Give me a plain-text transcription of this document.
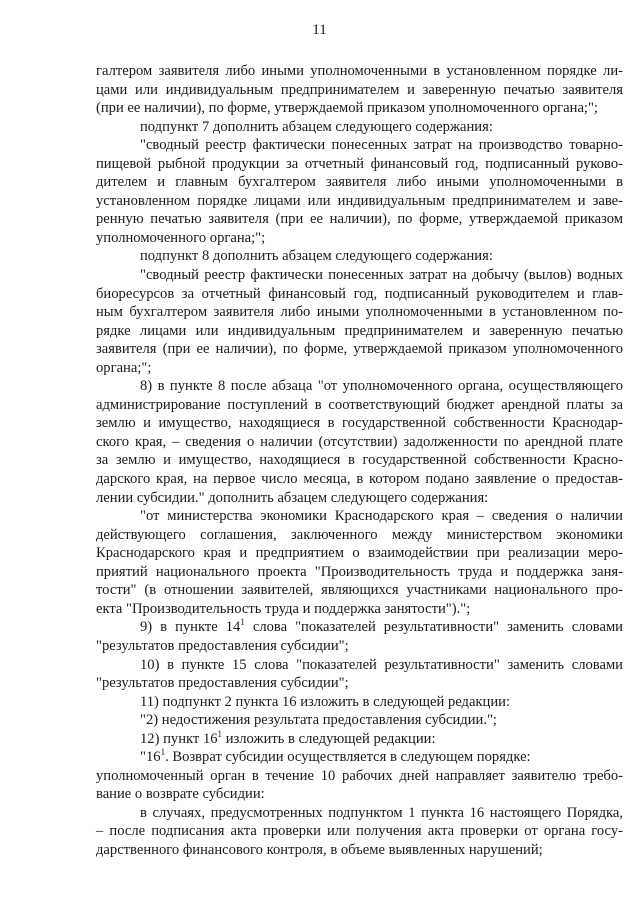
11
галтером заявителя либо иными уполномоченными в установленном порядке ли-
цами или индивидуальным предпринимателем и заверенную печатью заявителя
(при ее наличии), по форме, утверждаемой приказом уполномоченного органа;";
подпункт 7 дополнить абзацем следующего содержания:
"сводный реестр фактически понесенных затрат на производство товарно-
пищевой рыбной продукции за отчетный финансовый год, подписанный руково-
дителем и главным бухгалтером заявителя либо иными уполномоченными в
установленном порядке лицами или индивидуальным предпринимателем и заве-
ренную печатью заявителя (при ее наличии), по форме, утверждаемой приказом
уполномоченного органа;";
подпункт 8 дополнить абзацем следующего содержания:
"сводный реестр фактически понесенных затрат на добычу (вылов) водных
биоресурсов за отчетный финансовый год, подписанный руководителем и глав-
ным бухгалтером заявителя либо иными уполномоченными в установленном по-
рядке лицами или индивидуальным предпринимателем и заверенную печатью
заявителя (при ее наличии), по форме, утверждаемой приказом уполномоченного
органа;";
8) в пункте 8 после абзаца "от уполномоченного органа, осуществляющего
администрирование поступлений в соответствующий бюджет арендной платы за
землю и имущество, находящиеся в государственной собственности Краснодар-
ского края, – сведения о наличии (отсутствии) задолженности по арендной плате
за землю и имущество, находящиеся в государственной собственности Красно-
дарского края, на первое число месяца, в котором подано заявление о предостав-
лении субсидии." дополнить абзацем следующего содержания:
"от министерства экономики Краснодарского края – сведения о наличии
действующего соглашения, заключенного между министерством экономики
Краснодарского края и предприятием о взаимодействии при реализации меро-
приятий национального проекта "Производительность труда и поддержка заня-
тости" (в отношении заявителей, являющихся участниками национального про-
екта "Производительность труда и поддержка занятости").";
9) в пункте $14^1$ слова "показателей результативности" заменить словами
"результатов предоставления субсидии";
10) в пункте 15 слова "показателей результативности" заменить словами
"результатов предоставления субсидии";
11) подпункт 2 пункта 16 изложить в следующей редакции:
"2) недостижения результата предоставления субсидии.";
12) пункт $16^1$ изложить в следующей редакции:
"$16^1$. Возврат субсидии осуществляется в следующем порядке:
уполномоченный орган в течение 10 рабочих дней направляет заявителю требо-
вание о возврате субсидии:
в случаях, предусмотренных подпунктом 1 пункта 16 настоящего Порядка,
– после подписания акта проверки или получения акта проверки от органа госу-
дарственного финансового контроля, в объеме выявленных нарушений;
